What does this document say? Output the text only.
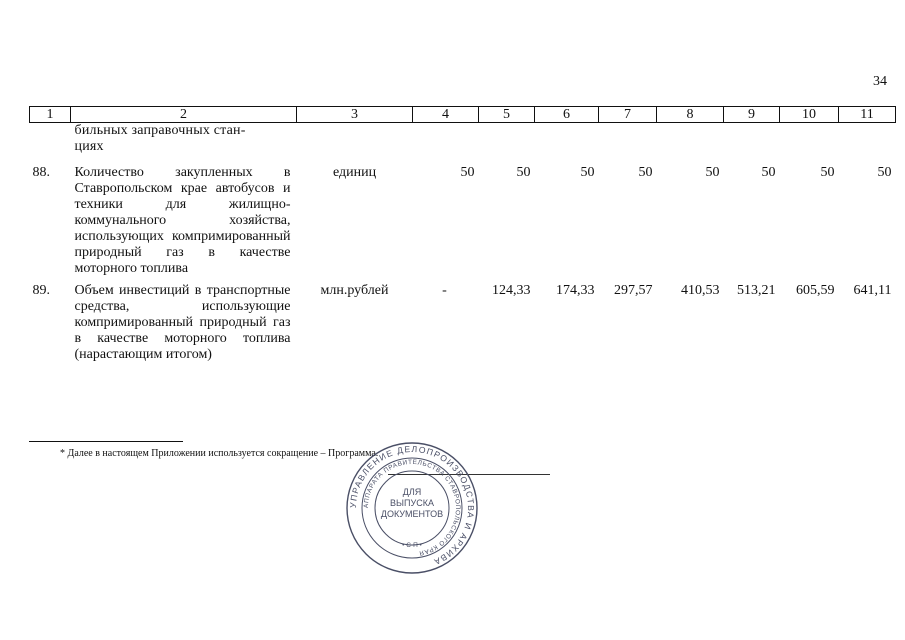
34
1	2	3	4	5	6	7	8	9	10	11
	бильных заправочных стан-
циях									
88.	Количество закупленных в Ставропольском крае автобусов и техники для жилищно-коммунального хозяйства, использующих компримированный природный газ в качестве моторного топлива	единиц	50	50	50	50	50	50	50	50
89.	Объем инвестиций в транспортные средства, использующие компримированный природный газ в качестве моторного топлива (нарастающим итогом)	млн.рублей	-	124,33	174,33	297,57	410,53	513,21	605,59	641,11
* Далее в настоящем Приложении используется сокращение – Программа.
УПРАВЛЕНИЕ ДЕЛОПРОИЗВОДСТВА И АРХИВА
АППАРАТА ПРАВИТЕЛЬСТВА СТАВРОПОЛЬСКОГО КРАЯ
ДЛЯ
ВЫПУСКА
ДОКУМЕНТОВ
• С-П •
